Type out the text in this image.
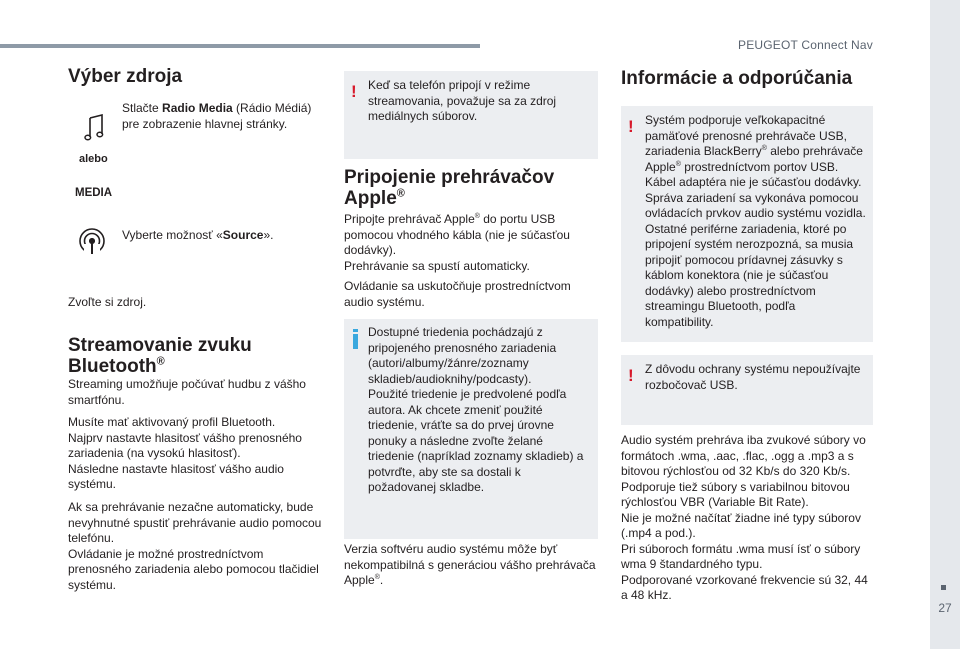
PEUGEOT Connect Nav
27
Výber zdroja

Stlačte Radio Media (Rádio Médiá) pre zobrazenie hlavnej stránky.

alebo

MEDIA

Vyberte možnosť «Source».

Zvoľte si zdroj.

Streamovanie zvuku Bluetooth®

Streaming umožňuje počúvať hudbu z vášho smartfónu.

Musíte mať aktivovaný profil Bluetooth.
Najprv nastavte hlasitosť vášho prenosného zariadenia (na vysokú hlasitosť).
Následne nastavte hlasitosť vášho audio systému.

Ak sa prehrávanie nezačne automaticky, bude nevyhnutné spustiť prehrávanie audio pomocou telefónu.
Ovládanie je možné prostredníctvom prenosného zariadenia alebo pomocou tlačidiel systému.

! Keď sa telefón pripojí v režime streamovania, považuje sa za zdroj mediálnych súborov.

Pripojenie prehrávačov Apple®

Pripojte prehrávač Apple® do portu USB pomocou vhodného kábla (nie je súčasťou dodávky).
Prehrávanie sa spustí automaticky.

Ovládanie sa uskutočňuje prostredníctvom audio systému.

Dostupné triedenia pochádzajú z pripojeného prenosného zariadenia (autori/albumy/žánre/zoznamy skladieb/audioknihy/podcasty).
Použité triedenie je predvolené podľa autora. Ak chcete zmeniť použité triedenie, vráťte sa do prvej úrovne ponuky a následne zvoľte želané triedenie (napríklad zoznamy skladieb) a potvrďte, aby ste sa dostali k požadovanej skladbe.

Verzia softvéru audio systému môže byť nekompatibilná s generáciou vášho prehrávača Apple®.

Informácie a odporúčania
! Systém podporuje veľkokapacitné pamäťové prenosné prehrávače USB, zariadenia BlackBerry® alebo prehrávače Apple® prostredníctvom portov USB. Kábel adaptéra nie je súčasťou dodávky.
Správa zariadení sa vykonáva pomocou ovládacích prvkov audio systému vozidla.
Ostatné periférne zariadenia, ktoré po pripojení systém nerozpozná, sa musia pripojiť pomocou prídavnej zásuvky s káblom konektora (nie je súčasťou dodávky) alebo prostredníctvom streamingu Bluetooth, podľa kompatibility.

! Z dôvodu ochrany systému nepoužívajte rozbočovač USB.

Audio systém prehráva iba zvukové súbory vo formátoch .wma, .aac, .flac, .ogg a .mp3 a s bitovou rýchlosťou od 32 Kb/s do 320 Kb/s.
Podporuje tiež súbory s variabilnou bitovou rýchlosťou VBR (Variable Bit Rate).
Nie je možné načítať žiadne iné typy súborov (.mp4 a pod.).
Pri súboroch formátu .wma musí ísť o súbory wma 9 štandardného typu.
Podporované vzorkované frekvencie sú 32, 44 a 48 kHz.
